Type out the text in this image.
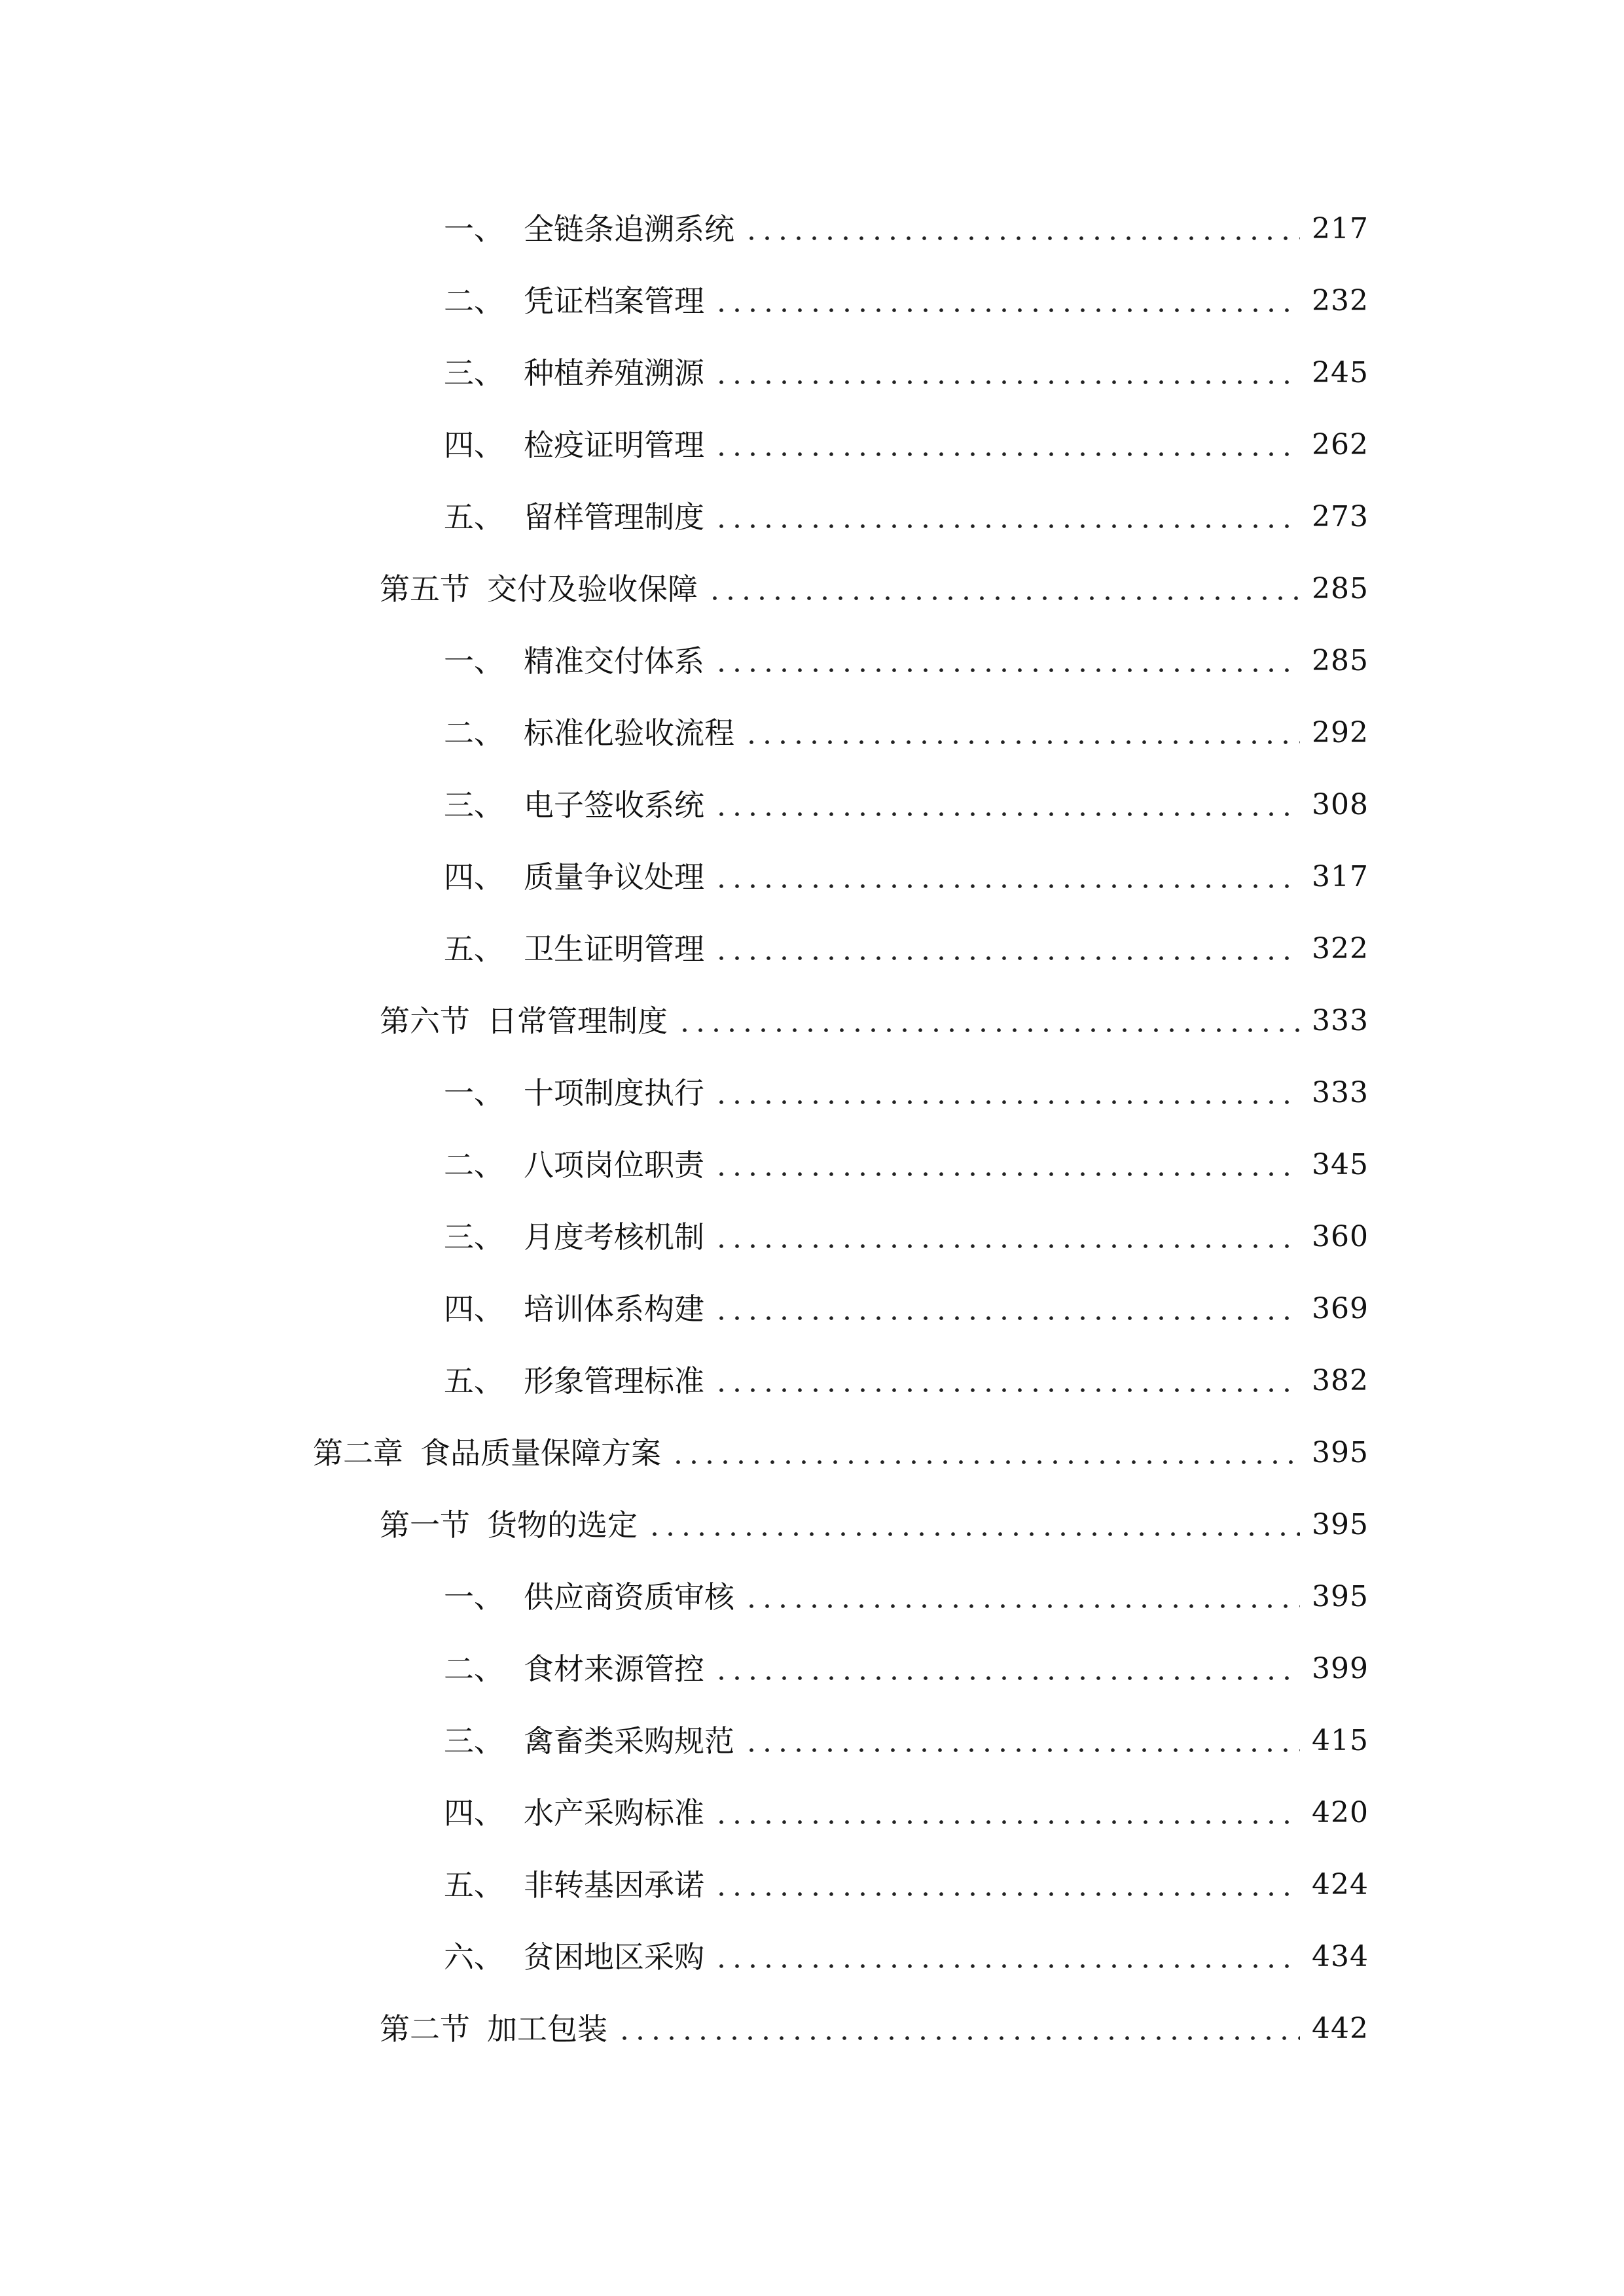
一、 全链条追溯系统	217
二、 凭证档案管理	232
三、 种植养殖溯源	245
四、 检疫证明管理	262
五、 留样管理制度	273
第五节 交付及验收保障	285
一、 精准交付体系	285
二、 标准化验收流程	292
三、 电子签收系统	308
四、 质量争议处理	317
五、 卫生证明管理	322
第六节 日常管理制度	333
一、 十项制度执行	333
二、 八项岗位职责	345
三、 月度考核机制	360
四、 培训体系构建	369
五、 形象管理标准	382
第二章 食品质量保障方案	395
第一节 货物的选定	395
一、 供应商资质审核	395
二、 食材来源管控	399
三、 禽畜类采购规范	415
四、 水产采购标准	420
五、 非转基因承诺	424
六、 贫困地区采购	434
第二节 加工包装	442
